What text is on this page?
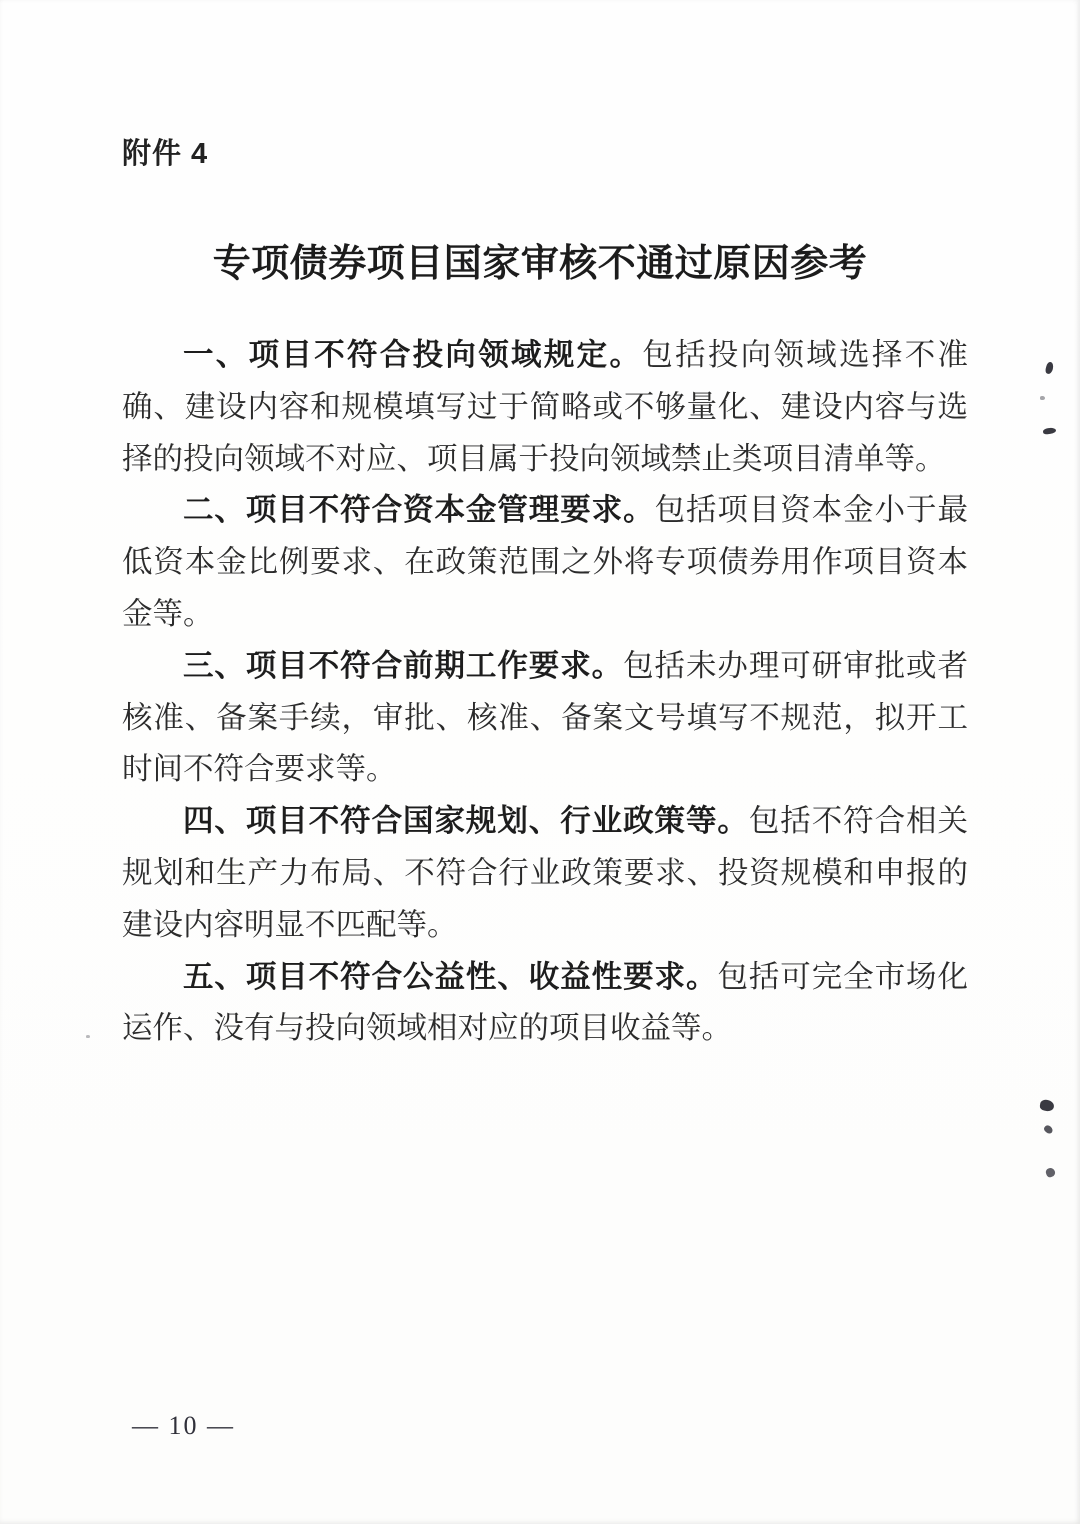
附件 4
专项债券项目国家审核不通过原因参考

一、项目不符合投向领域规定。包括投向领域选择不准确、建设内容和规模填写过于简略或不够量化、建设内容与选择的投向领域不对应、项目属于投向领域禁止类项目清单等。

二、项目不符合资本金管理要求。包括项目资本金小于最低资本金比例要求、在政策范围之外将专项债券用作项目资本金等。

三、项目不符合前期工作要求。包括未办理可研审批或者核准、备案手续，审批、核准、备案文号填写不规范，拟开工时间不符合要求等。

四、项目不符合国家规划、行业政策等。包括不符合相关规划和生产力布局、不符合行业政策要求、投资规模和申报的建设内容明显不匹配等。

五、项目不符合公益性、收益性要求。包括可完全市场化运作、没有与投向领域相对应的项目收益等。

— 10 —
